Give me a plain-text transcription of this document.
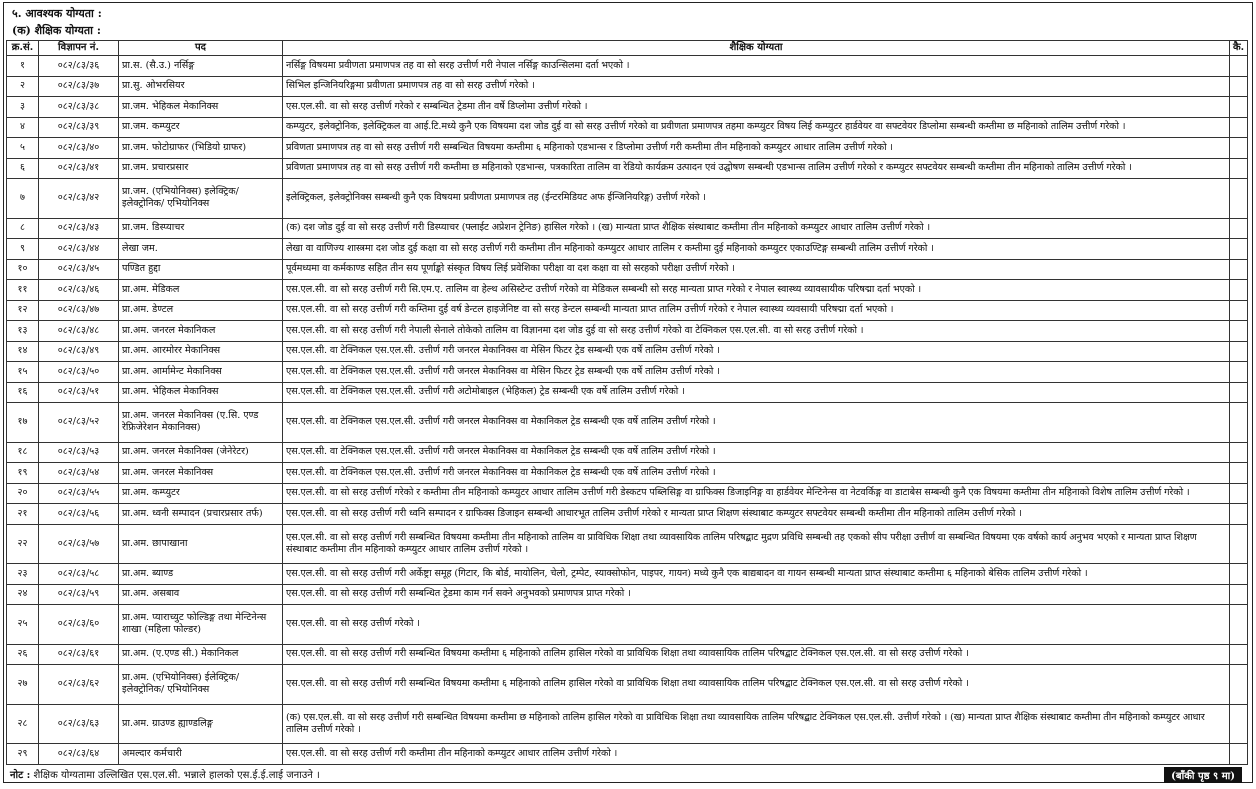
५. आवश्यक योग्यता :
(क) शैक्षिक योग्यता :
क्र.सं.	विज्ञापन नं.	पद	शैक्षिक योग्यता	कै.
१	०८२/८३/३६	प्रा.स. (सै.उ.) नर्सिङ्ग	नर्सिङ्ग विषयमा प्रवीणता प्रमाणपत्र तह वा सो सरह उत्तीर्ण गरी नेपाल नर्सिङ्ग काउन्सिलमा दर्ता भएको ।	
२	०८२/८३/३७	प्रा.सु. ओभरसियर	सिभिल इन्जिनियरिङ्गमा प्रवीणता प्रमाणपत्र तह वा सो सरह उत्तीर्ण गरेको ।	
३	०८२/८३/३८	प्रा.जम. भेहिकल मेकानिक्स	एस.एल.सी. वा सो सरह उत्तीर्ण गरेको र सम्बन्धित ट्रेडमा तीन वर्षे डिप्लोमा उत्तीर्ण गरेको ।	
४	०८२/८३/३९	प्रा.जम. कम्प्युटर	कम्प्युटर, इलेक्ट्रोनिक, इलेक्ट्रिकल वा आई.टि.मध्ये कुनै एक विषयमा दश जोड दुई वा सो सरह उत्तीर्ण गरेको वा प्रवीणता प्रमाणपत्र तहमा कम्प्युटर विषय लिई कम्प्युटर हार्डवेयर वा सफ्टवेयर डिप्लोमा सम्बन्धी कम्तीमा छ महिनाको तालिम उत्तीर्ण गरेको ।	
५	०८२/८३/४०	प्रा.जम. फोटोग्राफर (भिडियो ग्राफर)	प्रविणता प्रमाणपत्र तह वा सो सरह उत्तीर्ण गरी सम्बन्धित विषयमा कम्तीमा ६ महिनाको एडभान्स र डिप्लोमा उत्तीर्ण गरी कम्तीमा तीन महिनाको कम्प्युटर आधार तालिम उत्तीर्ण गरेको ।	
६	०८२/८३/४१	प्रा.जम. प्रचारप्रसार	प्रविणता प्रमाणपत्र तह वा सो सरह उत्तीर्ण गरी कम्तीमा छ महिनाको एडभान्स, पत्रकारिता तालिम वा रेडियो कार्यक्रम उत्पादन एवं उद्घोषण सम्बन्धी एडभान्स तालिम उत्तीर्ण गरेको र कम्प्युटर सफ्टवेयर सम्बन्धी कम्तीमा तीन महिनाको तालिम उत्तीर्ण गरेको ।	
७	०८२/८३/४२	प्रा.जम. (एभियोनिक्स) इलेक्ट्रिक/इलेक्ट्रोनिक/ एभियोनिक्स	इलेक्ट्रिकल, इलेक्ट्रोनिक्स सम्बन्धी कुनै एक विषयमा प्रवीणता प्रमाणपत्र तह (ईन्टरमिडियट अफ ईन्जिनियरिङ्ग) उत्तीर्ण गरेको ।	
८	०८२/८३/४३	प्रा.जम. डिस्प्याचर	(क) दश जोड दुई वा सो सरह उत्तीर्ण गरी डिस्प्याचर (फ्लाईट अप्रेशन ट्रेनिङ) हासिल गरेको । (ख) मान्यता प्राप्त शैक्षिक संस्थाबाट कम्तीमा तीन महिनाको कम्प्युटर आधार तालिम उत्तीर्ण गरेको ।	
९	०८२/८३/४४	लेखा जम.	लेखा वा वाणिज्य शास्त्रमा दश जोड दुई कक्षा वा सो सरह उत्तीर्ण गरी कम्तीमा तीन महिनाको कम्प्युटर आधार तालिम र कम्तीमा दुई महिनाको कम्प्युटर एकाउण्टिङ्ग सम्बन्धी तालिम उत्तीर्ण गरेको ।	
१०	०८२/८३/४५	पण्डित हुद्दा	पूर्वमध्यमा वा कर्मकाण्ड सहित तीन सय पूर्णाङ्को संस्कृत विषय लिई प्रवेशिका परीक्षा वा दश कक्षा वा सो सरहको परीक्षा उत्तीर्ण गरेको ।	
११	०८२/८३/४६	प्रा.अम. मेडिकल	एस.एल.सी. वा सो सरह उत्तीर्ण गरी सि.एम.ए. तालिम वा हेल्थ असिस्टेन्ट उत्तीर्ण गरेको वा मेडिकल सम्बन्धी सो सरह मान्यता प्राप्त गरेको र नेपाल स्वास्थ्य व्यावसायीक परिषद्मा दर्ता भएको ।	
१२	०८२/८३/४७	प्रा.अम. डेण्टल	एस.एल.सी. वा सो सरह उत्तीर्ण गरी कम्तिमा दुई वर्ष डेन्टल हाइजेनिष्ट वा सो सरह डेन्टल सम्बन्धी मान्यता प्राप्त तालिम उत्तीर्ण गरेको र नेपाल स्वास्थ्य व्यवसायी परिषद्मा दर्ता भएको ।	
१३	०८२/८३/४८	प्रा.अम. जनरल मेकानिकल	एस.एल.सी. वा सो सरह उत्तीर्ण गरी नेपाली सेनाले तोकेको तालिम वा विज्ञानमा दश जोड दुई वा सो सरह उत्तीर्ण गरेको वा टेक्निकल एस.एल.सी. वा सो सरह उत्तीर्ण गरेको ।	
१४	०८२/८३/४९	प्रा.अम. आरमोरर मेकानिक्स	एस.एल.सी. वा टेक्निकल एस.एल.सी. उत्तीर्ण गरी जनरल मेकानिक्स वा मेसिन फिटर ट्रेड सम्बन्धी एक वर्षे तालिम उत्तीर्ण गरेको ।	
१५	०८२/८३/५०	प्रा.अम. आर्मामेन्ट मेकानिक्स	एस.एल.सी. वा टेक्निकल एस.एल.सी. उत्तीर्ण गरी जनरल मेकानिक्स वा मेसिन फिटर ट्रेड सम्बन्धी एक वर्षे तालिम उत्तीर्ण गरेको ।	
१६	०८२/८३/५१	प्रा.अम. भेहिकल मेकानिक्स	एस.एल.सी. वा टेक्निकल एस.एल.सी. उत्तीर्ण गरी अटोमोबाइल (भेहिकल) ट्रेड सम्बन्धी एक वर्षे तालिम उत्तीर्ण गरेको ।	
१७	०८२/८३/५२	प्रा.अम. जनरल मेकानिक्स (ए.सि. एण्ड रेफ्रिजेरेशन मेकानिक्स)	एस.एल.सी. वा टेक्निकल एस.एल.सी. उत्तीर्ण गरी जनरल मेकानिक्स वा मेकानिकल ट्रेड सम्बन्धी एक वर्षे तालिम उत्तीर्ण गरेको ।	
१८	०८२/८३/५३	प्रा.अम. जनरल मेकानिक्स (जेनेरेटर)	एस.एल.सी. वा टेक्निकल एस.एल.सी. उत्तीर्ण गरी जनरल मेकानिक्स वा मेकानिकल ट्रेड सम्बन्धी एक वर्षे तालिम उत्तीर्ण गरेको ।	
१९	०८२/८३/५४	प्रा.अम. जनरल मेकानिक्स	एस.एल.सी. वा टेक्निकल एस.एल.सी. उत्तीर्ण गरी जनरल मेकानिक्स वा मेकानिकल ट्रेड सम्बन्धी एक वर्षे तालिम उत्तीर्ण गरेको ।	
२०	०८२/८३/५५	प्रा.अम. कम्प्युटर	एस.एल.सी. वा सो सरह उत्तीर्ण गरेको र कम्तीमा तीन महिनाको कम्प्युटर आधार तालिम उत्तीर्ण गरी डेस्कटप पब्लिसिङ्ग वा ग्राफिक्स डिजाइनिङ्ग वा हार्डवेयर मेन्टिनेन्स वा नेटवर्किङ्ग वा डाटाबेस सम्बन्धी कुनै एक विषयमा कम्तीमा तीन महिनाको विशेष तालिम उत्तीर्ण गरेको ।	
२१	०८२/८३/५६	प्रा.अम. ध्वनी सम्पादन (प्रचारप्रसार तर्फ)	एस.एल.सी. वा सो सरह उत्तीर्ण गरी ध्वनि सम्पादन र ग्राफिक्स डिजाइन सम्बन्धी आधारभूत तालिम उत्तीर्ण गरेको र मान्यता प्राप्त शिक्षण संस्थाबाट कम्प्युटर सफ्टवेयर सम्बन्धी कम्तीमा तीन महिनाको तालिम उत्तीर्ण गरेको ।	
२२	०८२/८३/५७	प्रा.अम. छापाखाना	एस.एल.सी. वा सो सरह उत्तीर्ण गरी सम्बन्धित विषयमा कम्तीमा तीन महिनाको तालिम वा प्राविधिक शिक्षा तथा व्यावसायिक तालिम परिषद्बाट मुद्रण प्रविधि सम्बन्धी तह एकको सीप परीक्षा उत्तीर्ण वा सम्बन्धित विषयमा एक वर्षको कार्य अनुभव भएको र मान्यता प्राप्त शिक्षण संस्थाबाट कम्तीमा तीन महिनाको कम्प्युटर आधार तालिम उत्तीर्ण गरेको ।	
२३	०८२/८३/५८	प्रा.अम. ब्याण्ड	एस.एल.सी. वा सो सरह उत्तीर्ण गरी अर्केष्ट्रा समूह (गिटार, कि बोर्ड, मायोलिन, चेलो, ट्रम्पेट, स्याक्सोफोन, पाइपर, गायन) मध्ये कुनै एक बाद्यबादन वा गायन सम्बन्धी मान्यता प्राप्त संस्थाबाट कम्तीमा ६ महिनाको बेसिक तालिम उत्तीर्ण गरेको ।	
२४	०८२/८३/५९	प्रा.अम. असबाव	एस.एल.सी. वा सो सरह उत्तीर्ण गरी सम्बन्धित ट्रेडमा काम गर्न सक्ने अनुभवको प्रमाणपत्र प्राप्त गरेको ।	
२५	०८२/८३/६०	प्रा.अम. प्याराच्युट फोल्डिङ्ग तथा मेन्टिनेन्स शाखा (महिला फोल्डर)	एस.एल.सी. वा सो सरह उत्तीर्ण गरेको ।	
२६	०८२/८३/६१	प्रा.अम. (ए.एण्ड सी.) मेकानिकल	एस.एल.सी. वा सो सरह उत्तीर्ण गरी सम्बन्धित विषयमा कम्तीमा ६ महिनाको तालिम हासिल गरेको वा प्राविधिक शिक्षा तथा व्यावसायिक तालिम परिषद्बाट टेक्निकल एस.एल.सी. वा सो सरह उत्तीर्ण गरेको ।	
२७	०८२/८३/६२	प्रा.अम. (एभियोनिक्स) ईलेक्ट्रिक/इलेक्ट्रोनिक/ एभियोनिक्स	एस.एल.सी. वा सो सरह उत्तीर्ण गरी सम्बन्धित विषयमा कम्तीमा ६ महिनाको तालिम हासिल गरेको वा प्राविधिक शिक्षा तथा व्यावसायिक तालिम परिषद्बाट टेक्निकल एस.एल.सी. वा सो सरह उत्तीर्ण गरेको ।	
२८	०८२/८३/६३	प्रा.अम. ग्राउण्ड ह्याण्डलिङ्ग	(क) एस.एल.सी. वा सो सरह उत्तीर्ण गरी सम्बन्धित विषयमा कम्तीमा छ महिनाको तालिम हासिल गरेको वा प्राविधिक शिक्षा तथा व्यावसायिक तालिम परिषद्बाट टेक्निकल एस.एल.सी. उत्तीर्ण गरेको । (ख) मान्यता प्राप्त शैक्षिक संस्थाबाट कम्तीमा तीन महिनाको कम्प्युटर आधार तालिम उत्तीर्ण गरेको ।	
२९	०८२/८३/६४	अमल्दार कर्मचारी	एस.एल.सी. वा सो सरह उत्तीर्ण गरी कम्तीमा तीन महिनाको कम्प्युटर आधार तालिम उत्तीर्ण गरेको ।	
नोट : शैक्षिक योग्यतामा उल्लिखित एस.एल.सी. भन्नाले हालको एस.ई.ई.लाई जनाउने ।	(बाँकी पृष्ठ ९ मा)
